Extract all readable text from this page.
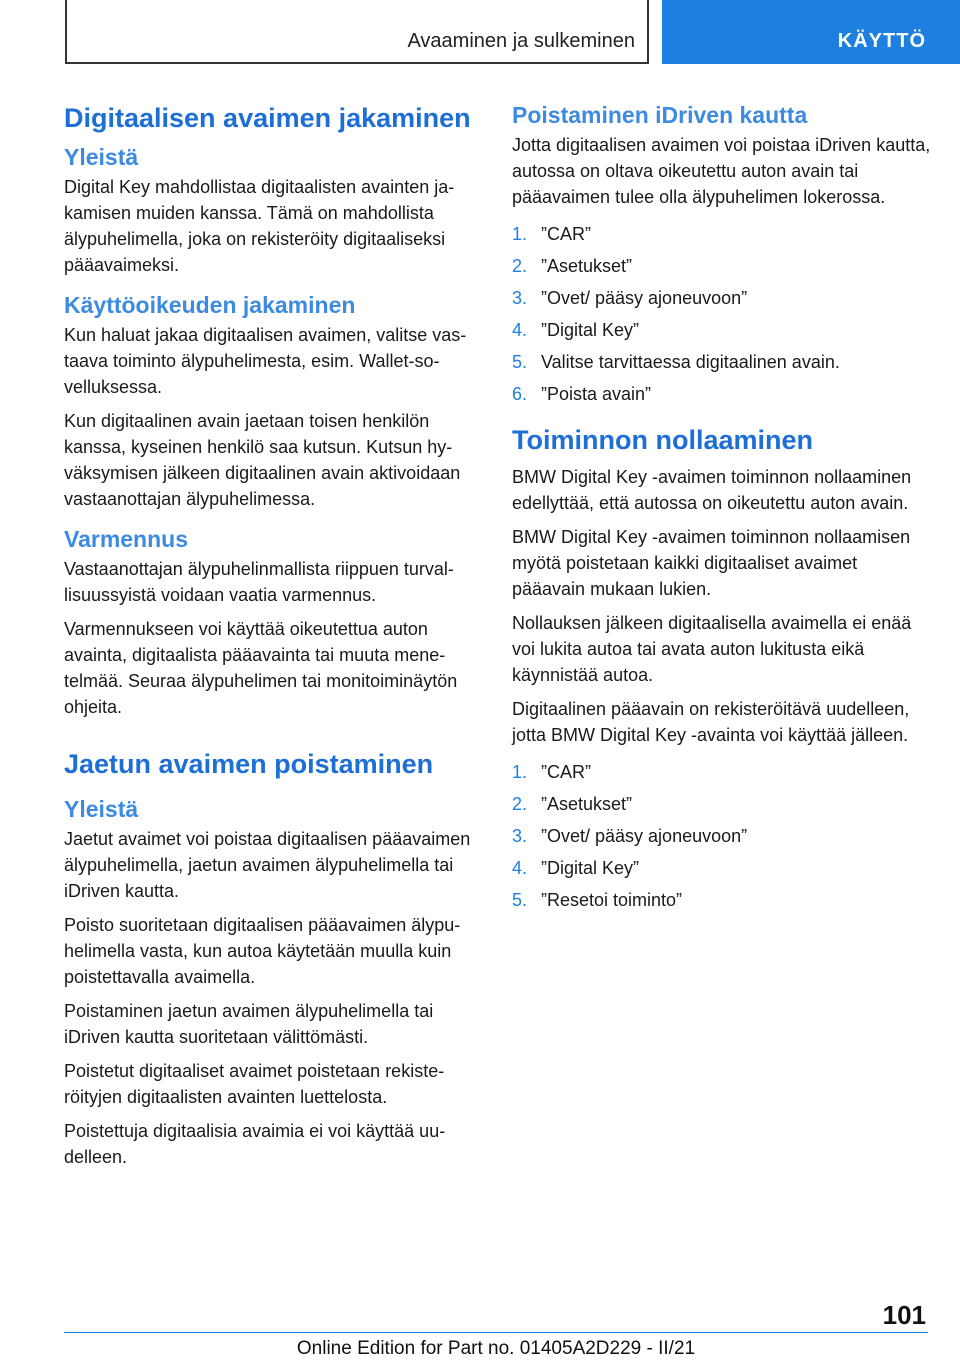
Avaaminen ja sulkeminen	KÄYTTÖ
Digitaalisen avaimen jakaminen
Yleistä

Digital Key mahdollistaa digitaalisten avainten jakamisen muiden kanssa. Tämä on mahdollista älypuhelimella, joka on rekisteröity digitaaliseksi pääavaimeksi.

Käyttöoikeuden jakaminen

Kun haluat jakaa digitaalisen avaimen, valitse vastaava toiminto älypuhelimesta, esim. Wallet-sovelluksessa.

Kun digitaalinen avain jaetaan toisen henkilön kanssa, kyseinen henkilö saa kutsun. Kutsun hyväksymisen jälkeen digitaalinen avain aktivoidaan vastaanottajan älypuhelimessa.

Varmennus

Vastaanottajan älypuhelinmallista riippuen turvallisuussyistä voidaan vaatia varmennus.

Varmennukseen voi käyttää oikeutettua auton avainta, digitaalista pääavainta tai muuta menetelmää. Seuraa älypuhelimen tai monitoiminäytön ohjeita.

Jaetun avaimen poistaminen
Yleistä

Jaetut avaimet voi poistaa digitaalisen pääavaimen älypuhelimella, jaetun avaimen älypuhelimella tai iDriven kautta.

Poisto suoritetaan digitaalisen pääavaimen älypuhelimella vasta, kun autoa käytetään muulla kuin poistettavalla avaimella.

Poistaminen jaetun avaimen älypuhelimella tai iDriven kautta suoritetaan välittömästi.

Poistetut digitaaliset avaimet poistetaan rekisteröityjen digitaalisten avainten luettelosta.

Poistettuja digitaalisia avaimia ei voi käyttää uudelleen.

Poistaminen iDriven kautta

Jotta digitaalisen avaimen voi poistaa iDriven kautta, autossa on oltava oikeutettu auton avain tai pääavaimen tulee olla älypuhelimen lokerossa.

1. ”CAR”
2. ”Asetukset”
3. ”Ovet/ pääsy ajoneuvoon”
4. ”Digital Key”
5. Valitse tarvittaessa digitaalinen avain.
6. ”Poista avain”
Toiminnon nollaaminen

BMW Digital Key -avaimen toiminnon nollaaminen edellyttää, että autossa on oikeutettu auton avain.

BMW Digital Key -avaimen toiminnon nollaamisen myötä poistetaan kaikki digitaaliset avaimet pääavain mukaan lukien.

Nollauksen jälkeen digitaalisella avaimella ei enää voi lukita autoa tai avata auton lukitusta eikä käynnistää autoa.

Digitaalinen pääavain on rekisteröitävä uudelleen, jotta BMW Digital Key -avainta voi käyttää jälleen.

1. ”CAR”
2. ”Asetukset”
3. ”Ovet/ pääsy ajoneuvoon”
4. ”Digital Key”
5. ”Resetoi toiminto”
101
Online Edition for Part no. 01405A2D229 - II/21
